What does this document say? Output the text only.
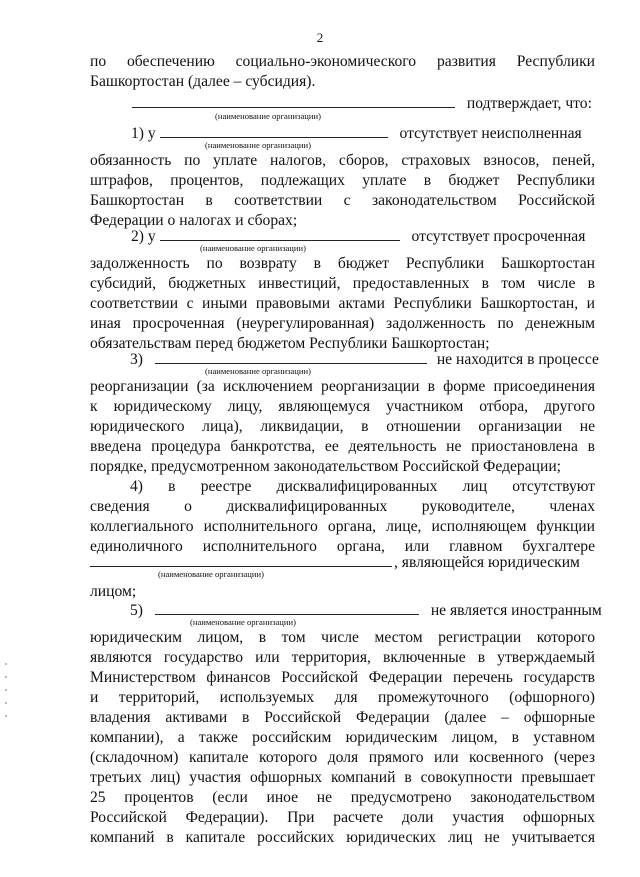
2
по обеспечению социально-экономического развития Республики
Башкортостан (далее – субсидия).
подтверждает, что:
(наименование организации)
1) у	отсутствует неисполненная
(наименование организации)
обязанность по уплате налогов, сборов, страховых взносов, пеней,
штрафов, процентов, подлежащих уплате в бюджет Республики
Башкортостан в соответствии с законодательством Российской
Федерации о налогах и сборах;
2) у	отсутствует просроченная
(наименование организации)
задолженность по возврату в бюджет Республики Башкортостан
субсидий, бюджетных инвестиций, предоставленных в том числе в
соответствии с иными правовыми актами Республики Башкортостан, и
иная просроченная (неурегулированная) задолженность по денежным
обязательствам перед бюджетом Республики Башкортостан;
3)	не находится в процессе
(наименование организации)
реорганизации (за исключением реорганизации в форме присоединения
к юридическому лицу, являющемуся участником отбора, другого
юридического лица), ликвидации, в отношении организации не
введена процедура банкротства, ее деятельность не приостановлена в
порядке, предусмотренном законодательством Российской Федерации;
4) в реестре дисквалифицированных лиц отсутствуют
сведения о дисквалифицированных руководителе, членах
коллегиального исполнительного органа, лице, исполняющем функции
единоличного исполнительного органа, или главном бухгалтере
, являющейся юридическим
(наименование организации)
лицом;
5)	не является иностранным
(наименование организации)
юридическим лицом, в том числе местом регистрации которого
являются государство или территория, включенные в утверждаемый
Министерством финансов Российской Федерации перечень государств
и территорий, используемых для промежуточного (офшорного)
владения активами в Российской Федерации (далее – офшорные
компании), а также российским юридическим лицом, в уставном
(складочном) капитале которого доля прямого или косвенного (через
третьих лиц) участия офшорных компаний в совокупности превышает
25 процентов (если иное не предусмотрено законодательством
Российской Федерации). При расчете доли участия офшорных
компаний в капитале российских юридических лиц не учитывается
